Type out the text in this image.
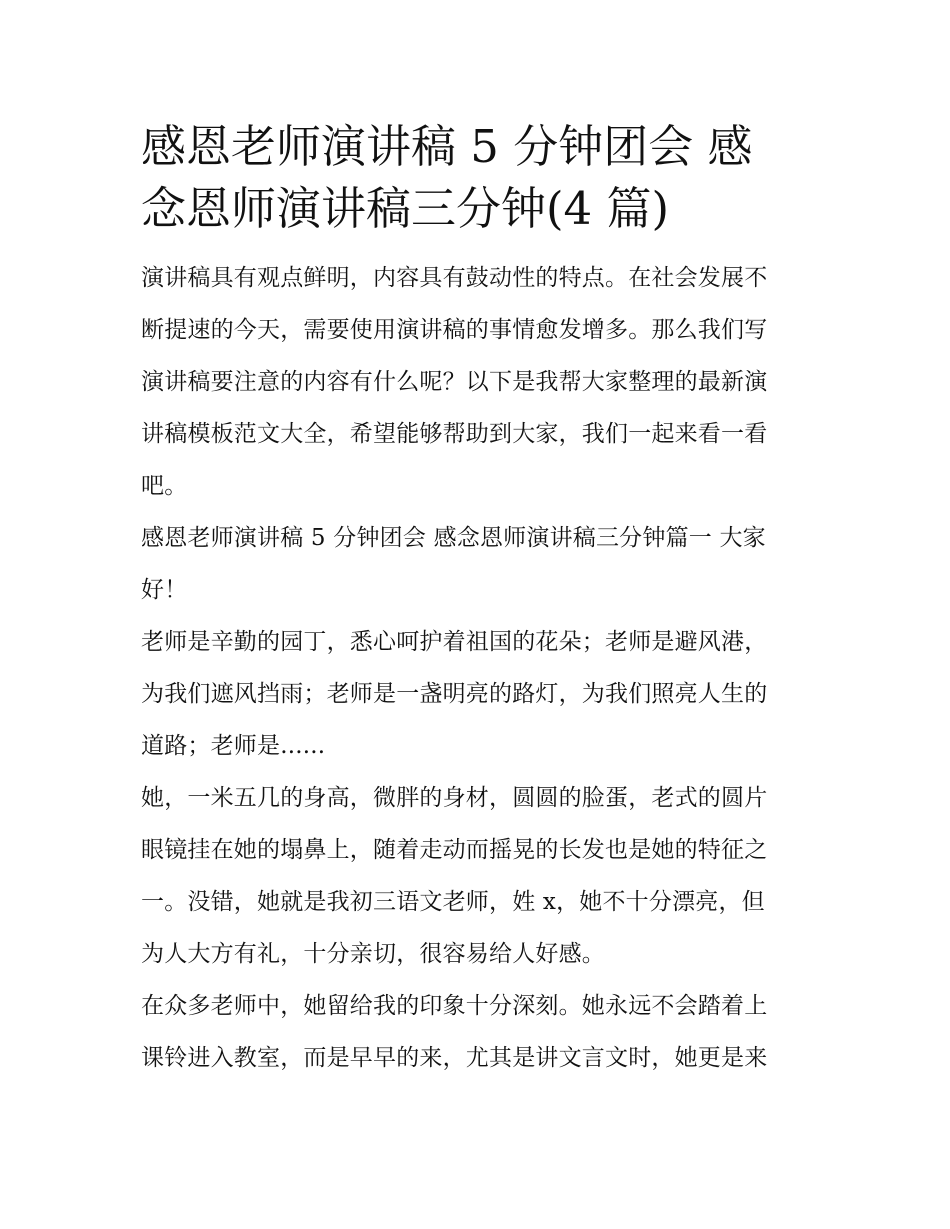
感恩老师演讲稿 5 分钟团会 感
念恩师演讲稿三分钟(4 篇)

演讲稿具有观点鲜明，内容具有鼓动性的特点。在社会发展不
断提速的今天，需要使用演讲稿的事情愈发增多。那么我们写
演讲稿要注意的内容有什么呢？以下是我帮大家整理的最新演
讲稿模板范文大全，希望能够帮助到大家，我们一起来看一看
吧。

感恩老师演讲稿 5 分钟团会 感念恩师演讲稿三分钟篇一 大家
好！

老师是辛勤的园丁，悉心呵护着祖国的花朵；老师是避风港，
为我们遮风挡雨；老师是一盏明亮的路灯，为我们照亮人生的
道路；老师是......

她，一米五几的身高，微胖的身材，圆圆的脸蛋，老式的圆片
眼镜挂在她的塌鼻上，随着走动而摇晃的长发也是她的特征之
一。没错，她就是我初三语文老师，姓 x，她不十分漂亮，但
为人大方有礼，十分亲切，很容易给人好感。

在众多老师中，她留给我的印象十分深刻。她永远不会踏着上
课铃进入教室，而是早早的来，尤其是讲文言文时，她更是来
